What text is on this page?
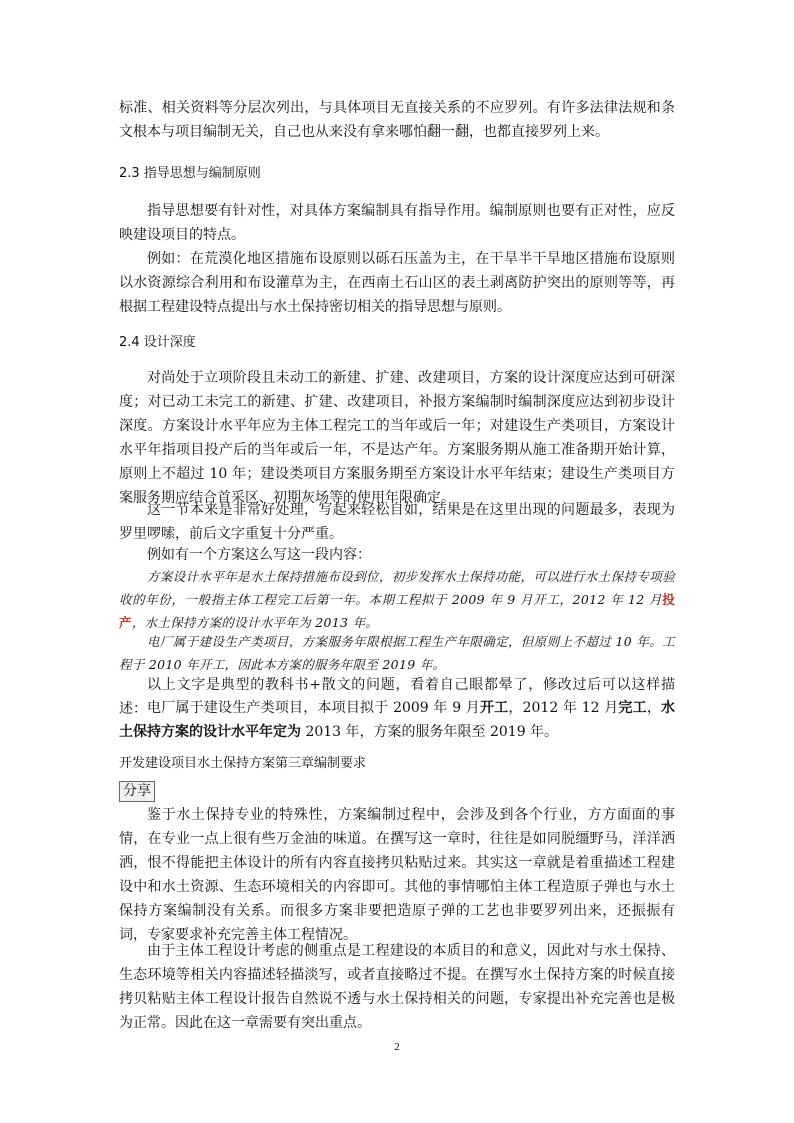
标准、相关资料等分层次列出，与具体项目无直接关系的不应罗列。有许多法律法规和条文根本与项目编制无关，自己也从来没有拿来哪怕翻一翻，也都直接罗列上来。

2.3 指导思想与编制原则

指导思想要有针对性，对具体方案编制具有指导作用。编制原则也要有正对性，应反映建设项目的特点。

例如：在荒漠化地区措施布设原则以砾石压盖为主，在干旱半干旱地区措施布设原则以水资源综合利用和布设灌草为主，在西南土石山区的表土剥离防护突出的原则等等，再根据工程建设特点提出与水土保持密切相关的指导思想与原则。

2.4 设计深度

对尚处于立项阶段且未动工的新建、扩建、改建项目，方案的设计深度应达到可研深度；对已动工未完工的新建、扩建、改建项目，补报方案编制时编制深度应达到初步设计深度。方案设计水平年应为主体工程完工的当年或后一年；对建设生产类项目，方案设计水平年指项目投产后的当年或后一年，不是达产年。方案服务期从施工准备期开始计算，原则上不超过 10 年；建设类项目方案服务期至方案设计水平年结束；建设生产类项目方案服务期应结合首采区、初期灰场等的使用年限确定。

这一节本来是非常好处理，写起来轻松自如，结果是在这里出现的问题最多，表现为罗里啰嗦，前后文字重复十分严重。

例如有一个方案这么写这一段内容：

方案设计水平年是水土保持措施布设到位，初步发挥水土保持功能，可以进行水土保持专项验收的年份，一般指主体工程完工后第一年。本期工程拟于 2009 年 9 月开工，2012 年 12 月投产，水土保持方案的设计水平年为 2013 年。

电厂属于建设生产类项目，方案服务年限根据工程生产年限确定，但原则上不超过 10 年。工程于 2010 年开工，因此本方案的服务年限至 2019 年。

以上文字是典型的教科书+散文的问题，看着自己眼都晕了，修改过后可以这样描述： 电厂属于建设生产类项目，本项目拟于 2009 年 9 月开工，2012 年 12 月完工，水土保持方案的设计水平年定为 2013 年，方案的服务年限至 2019 年。

开发建设项目水土保持方案第三章编制要求

分享

鉴于水土保持专业的特殊性，方案编制过程中，会涉及到各个行业，方方面面的事情，在专业一点上很有些万金油的味道。在撰写这一章时，往往是如同脱缰野马，洋洋洒洒，恨不得能把主体设计的所有内容直接拷贝粘贴过来。其实这一章就是着重描述工程建设中和水土资源、生态环境相关的内容即可。其他的事情哪怕主体工程造原子弹也与水土保持方案编制没有关系。而很多方案非要把造原子弹的工艺也非要罗列出来，还振振有词，专家要求补充完善主体工程情况。

由于主体工程设计考虑的侧重点是工程建设的本质目的和意义，因此对与水土保持、生态环境等相关内容描述轻描淡写，或者直接略过不提。在撰写水土保持方案的时候直接拷贝粘贴主体工程设计报告自然说不透与水土保持相关的问题，专家提出补充完善也是极为正常。因此在这一章需要有突出重点。

2
